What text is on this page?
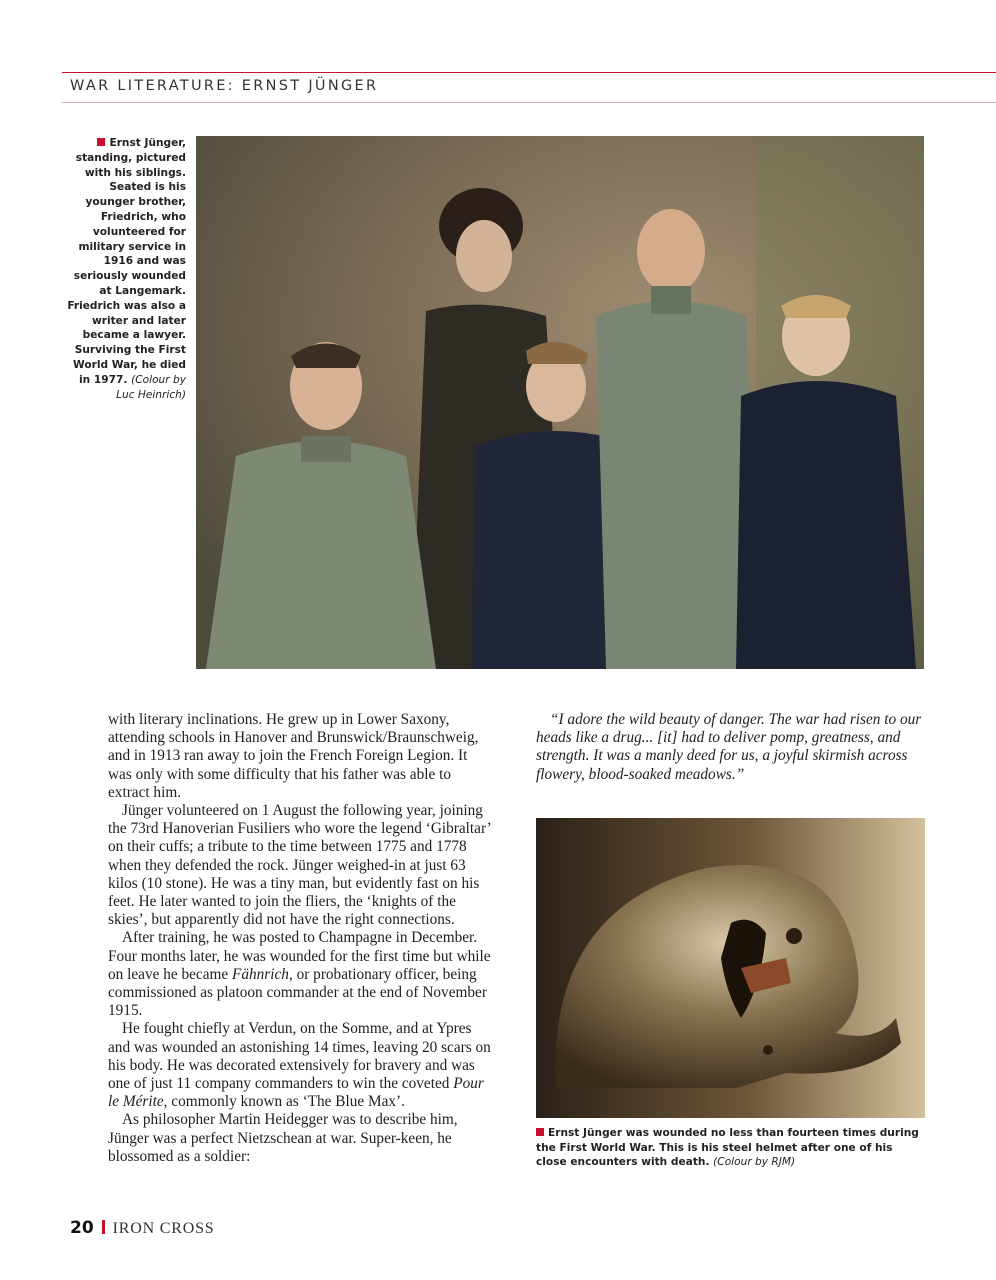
WAR LITERATURE: ERNST JÜNGER
Ernst Jünger, standing, pictured with his siblings. Seated is his younger brother, Friedrich, who volunteered for military service in 1916 and was seriously wounded at Langemark. Friedrich was also a writer and later became a lawyer. Surviving the First World War, he died in 1977. (Colour by Luc Heinrich)

with literary inclinations. He grew up in Lower Saxony, attending schools in Hanover and Brunswick/Braunschweig, and in 1913 ran away to join the French Foreign Legion. It was only with some difficulty that his father was able to extract him.

Jünger volunteered on 1 August the following year, joining the 73rd Hanoverian Fusiliers who wore the legend ‘Gibraltar’ on their cuffs; a tribute to the time between 1775 and 1778 when they defended the rock. Jünger weighed-in at just 63 kilos (10 stone). He was a tiny man, but evidently fast on his feet. He later wanted to join the fliers, the ‘knights of the skies’, but apparently did not have the right connections.

After training, he was posted to Champagne in December. Four months later, he was wounded for the first time but while on leave he became Fähnrich, or probationary officer, being commissioned as platoon commander at the end of November 1915.

He fought chiefly at Verdun, on the Somme, and at Ypres and was wounded an astonishing 14 times, leaving 20 scars on his body. He was decorated extensively for bravery and was one of just 11 company commanders to win the coveted Pour le Mérite, commonly known as ‘The Blue Max’.

As philosopher Martin Heidegger was to describe him, Jünger was a perfect Nietzschean at war. Super-keen, he blossomed as a soldier:

“I adore the wild beauty of danger. The war had risen to our heads like a drug... [it] had to deliver pomp, greatness, and strength. It was a manly deed for us, a joyful skirmish across flowery, blood-soaked meadows.”

Ernst Jünger was wounded no less than fourteen times during the First World War. This is his steel helmet after one of his close encounters with death. (Colour by RJM)
20 IRON CROSS
